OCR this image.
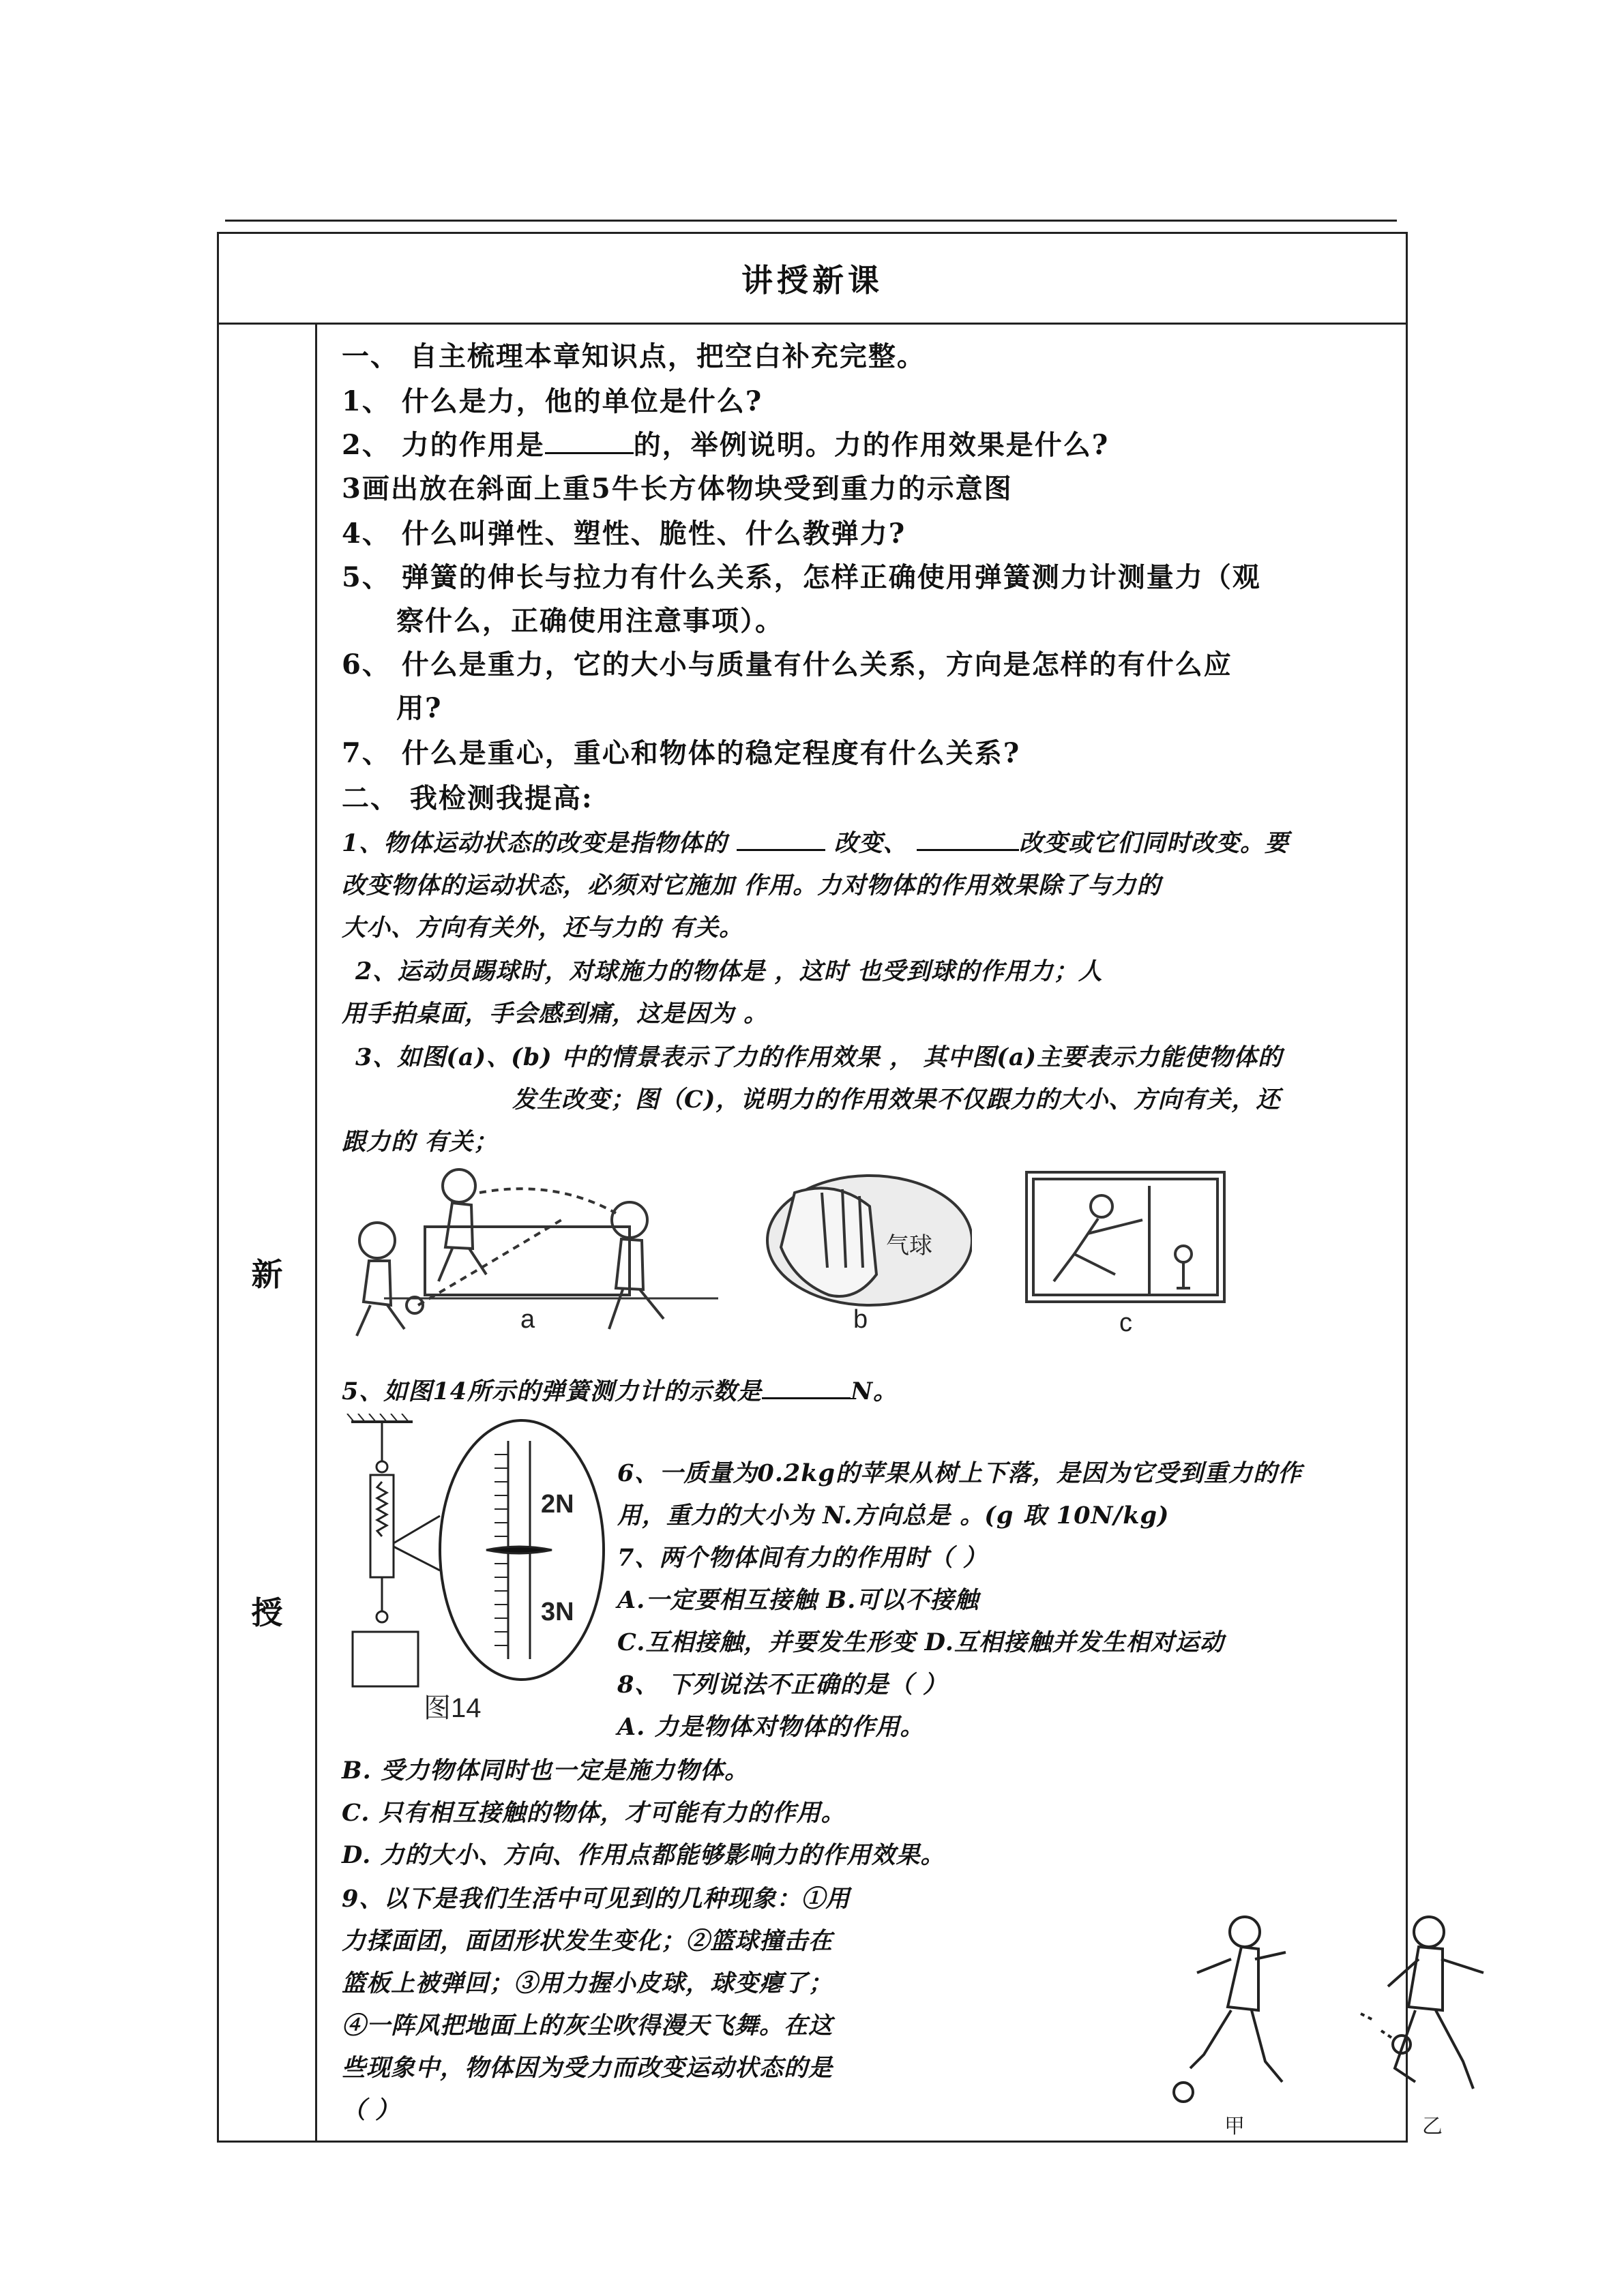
讲授新课
新
授
一、 自主梳理本章知识点，把空白补充完整。
1、 什么是力，他的单位是什么?
2、 力的作用是	的，举例说明。力的作用效果是什么?
3画出放在斜面上重5牛长方体物块受到重力的示意图
4、 什么叫弹性、塑性、脆性、什么教弹力?
5、 弹簧的伸长与拉力有什么关系，怎样正确使用弹簧测力计测量力（观
察什么，正确使用注意事项）。
6、 什么是重力，它的大小与质量有什么关系，方向是怎样的有什么应
用?
7、 什么是重心，重心和物体的稳定程度有什么关系?
二、 我检测我提高:
1、物体运动状态的改变是指物体的	改变、	改变或它们同时改变。要
改变物体的运动状态，必须对它施加 作用。力对物体的作用效果除了与力的
大小、方向有关外，还与力的 有关。
2、运动员踢球时，对球施力的物体是 ，这时 也受到球的作用力；人
用手拍桌面，手会感到痛，这是因为 。
3、如图(a)、(b) 中的情景表示了力的作用效果 ， 其中图(a)主要表示力能使物体的
发生改变；图（C)，说明力的作用效果不仅跟力的大小、方向有关，还
跟力的 有关；
a
气球
b	c
5、如图14所示的弹簧测力计的示数是	N。
2N
3N
图14
6、一质量为0.2kg的苹果从树上下落，是因为它受到重力的作
用，重力的大小为 N.方向总是 。(g 取 10N/kg)
7、两个物体间有力的作用时（ ）
A.一定要相互接触 B.可以不接触
C.互相接触，并要发生形变 D.互相接触并发生相对运动
8、 下列说法不正确的是（ ）
A. 力是物体对物体的作用。
B. 受力物体同时也一定是施力物体。
C. 只有相互接触的物体，才可能有力的作用。
D. 力的大小、方向、作用点都能够影响力的作用效果。
9、以下是我们生活中可见到的几种现象：①用
力揉面团，面团形状发生变化；②篮球撞击在
篮板上被弹回；③用力握小皮球，球变瘪了；
④一阵风把地面上的灰尘吹得漫天飞舞。在这
些现象中，物体因为受力而改变运动状态的是
（ ）
甲	乙
